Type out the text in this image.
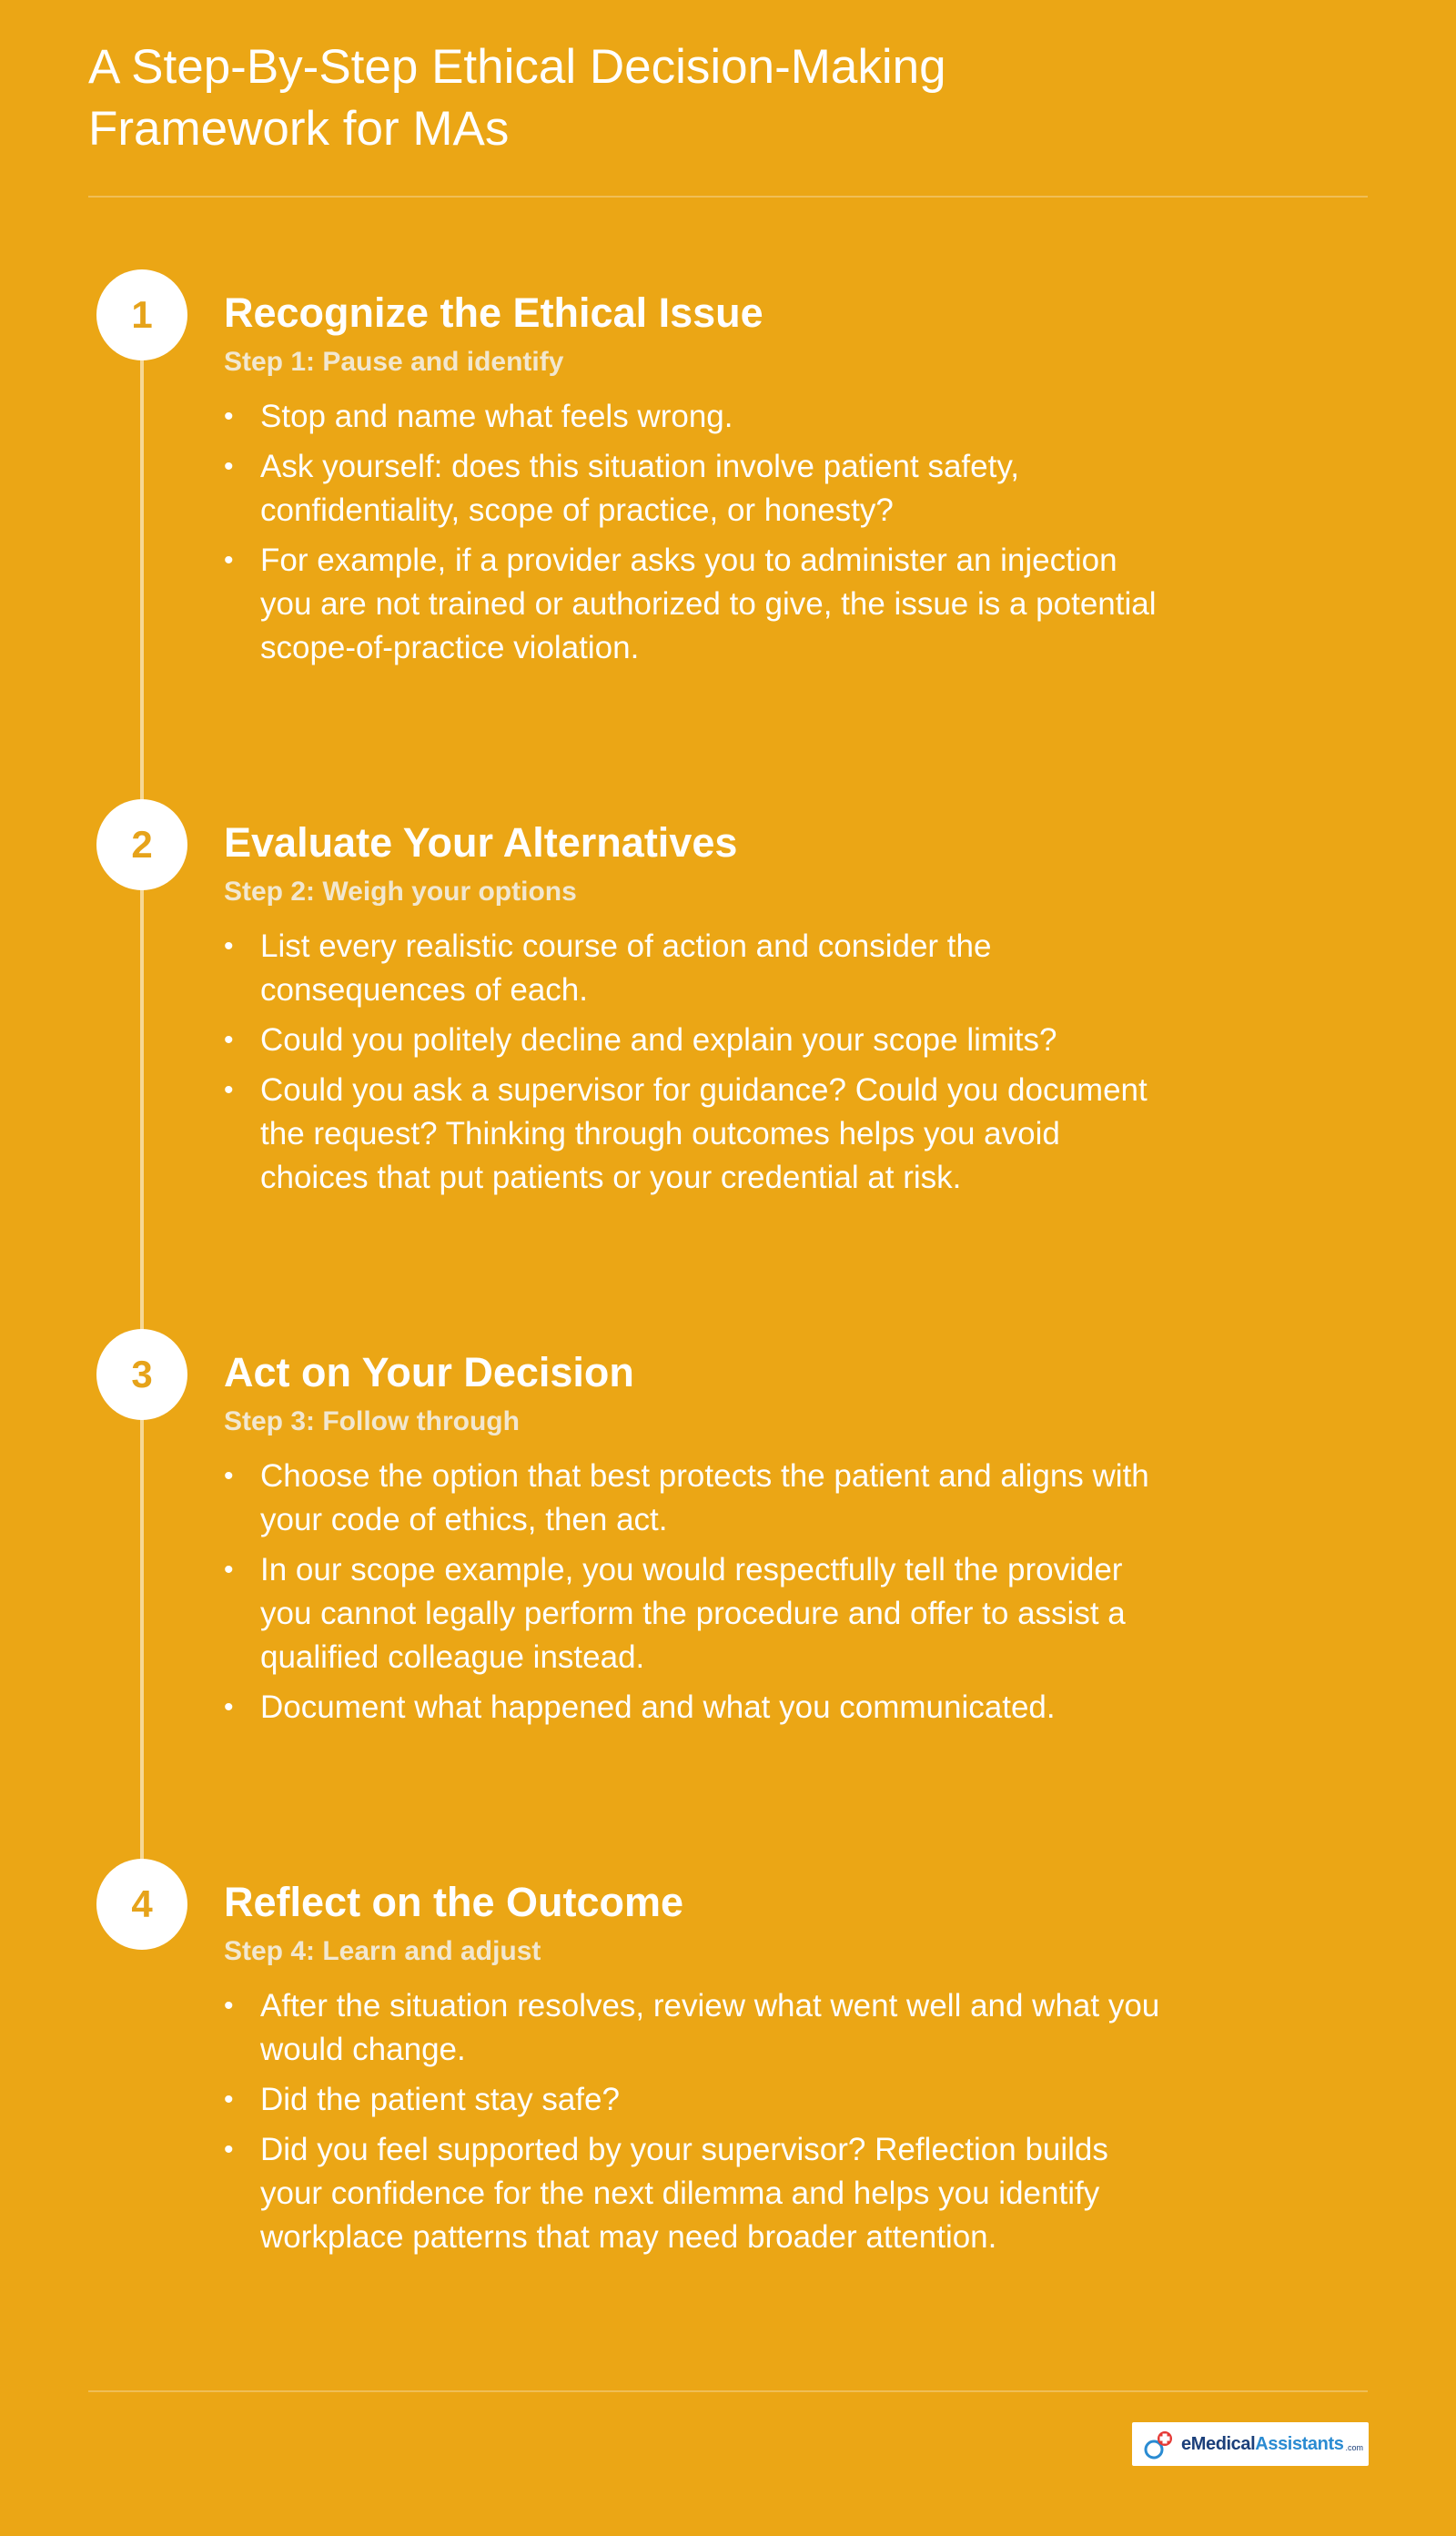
A Step-By-Step Ethical Decision-Making Framework for MAs
1	Recognize the Ethical Issue
Step 1: Pause and identify
• Stop and name what feels wrong.
• Ask yourself: does this situation involve patient safety, confidentiality, scope of practice, or honesty?
• For example, if a provider asks you to administer an injection you are not trained or authorized to give, the issue is a potential scope-of-practice violation.
2	Evaluate Your Alternatives
Step 2: Weigh your options
• List every realistic course of action and consider the consequences of each.
• Could you politely decline and explain your scope limits?
• Could you ask a supervisor for guidance? Could you document the request? Thinking through outcomes helps you avoid choices that put patients or your credential at risk.
3	Act on Your Decision
Step 3: Follow through
• Choose the option that best protects the patient and aligns with your code of ethics, then act.
• In our scope example, you would respectfully tell the provider you cannot legally perform the procedure and offer to assist a qualified colleague instead.
• Document what happened and what you communicated.
4	Reflect on the Outcome
Step 4: Learn and adjust
• After the situation resolves, review what went well and what you would change.
• Did the patient stay safe?
• Did you feel supported by your supervisor? Reflection builds your confidence for the next dilemma and helps you identify workplace patterns that may need broader attention.
eMedicalAssistants .com
